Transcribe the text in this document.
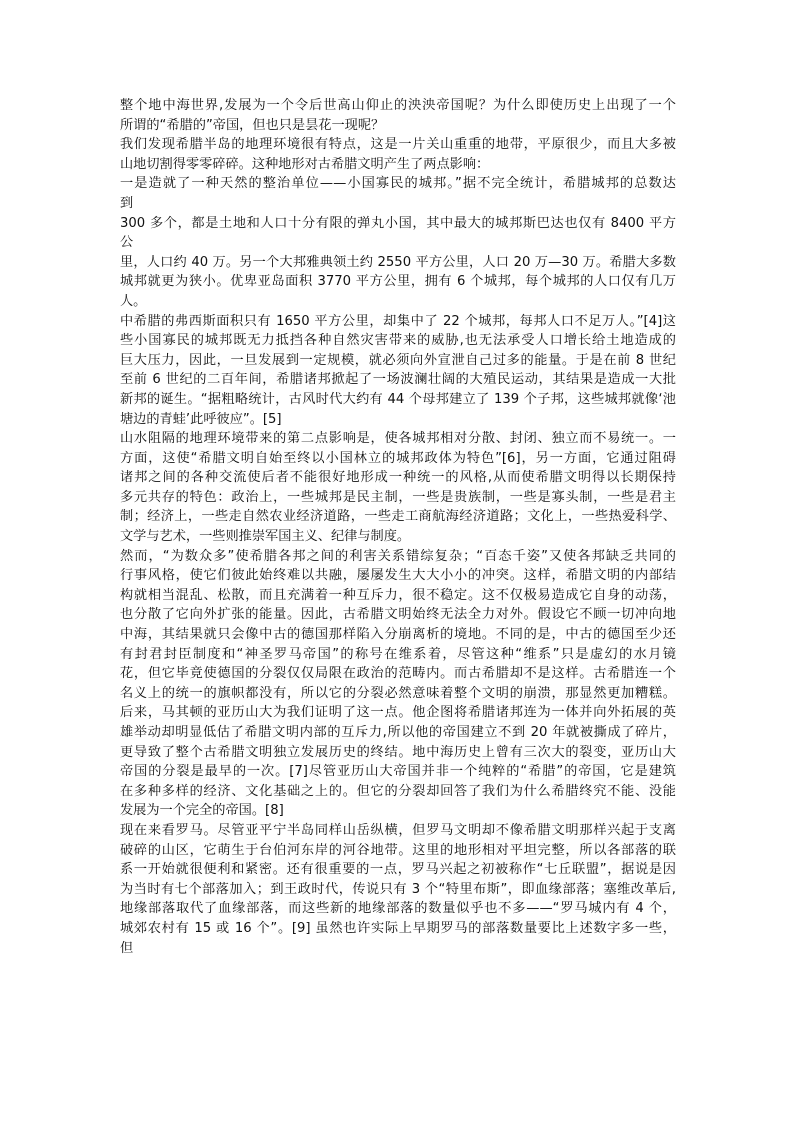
整个地中海世界,发展为一个令后世高山仰止的泱泱帝国呢？为什么即使历史上出现了一个
所谓的“希腊的”帝国，但也只是昙花一现呢？
我们发现希腊半岛的地理环境很有特点，这是一片关山重重的地带，平原很少，而且大多被
山地切割得零零碎碎。这种地形对古希腊文明产生了两点影响：
一是造就了一种天然的整治单位——小国寡民的城邦。”据不完全统计，希腊城邦的总数达
到
300 多个，都是土地和人口十分有限的弹丸小国，其中最大的城邦斯巴达也仅有 8400 平方
公
里，人口约 40 万。另一个大邦雅典领土约 2550 平方公里，人口 20 万—30 万。希腊大多数
城邦就更为狭小。优卑亚岛面积 3770 平方公里，拥有 6 个城邦，每个城邦的人口仅有几万
人。
中希腊的弗西斯面积只有 1650 平方公里，却集中了 22 个城邦，每邦人口不足万人。”[4]这
些小国寡民的城邦既无力抵挡各种自然灾害带来的威胁,也无法承受人口增长给土地造成的
巨大压力，因此，一旦发展到一定规模，就必须向外宣泄自己过多的能量。于是在前 8 世纪
至前 6 世纪的二百年间，希腊诸邦掀起了一场波澜壮阔的大殖民运动，其结果是造成一大批
新邦的诞生。“据粗略统计，古风时代大约有 44 个母邦建立了 139 个子邦，这些城邦就像‘池
塘边的青蛙’此呼彼应”。[5]
山水阻隔的地理环境带来的第二点影响是，使各城邦相对分散、封闭、独立而不易统一。一
方面，这使“希腊文明自始至终以小国林立的城邦政体为特色”[6]，另一方面，它通过阻碍
诸邦之间的各种交流使后者不能很好地形成一种统一的风格,从而使希腊文明得以长期保持
多元共存的特色：政治上，一些城邦是民主制，一些是贵族制，一些是寡头制，一些是君主
制；经济上，一些走自然农业经济道路，一些走工商航海经济道路；文化上，一些热爱科学、
文学与艺术，一些则推崇军国主义、纪律与制度。
然而，“为数众多”使希腊各邦之间的利害关系错综复杂；“百态千姿”又使各邦缺乏共同的
行事风格，使它们彼此始终难以共融，屡屡发生大大小小的冲突。这样，希腊文明的内部结
构就相当混乱、松散，而且充满着一种互斥力，很不稳定。这不仅极易造成它自身的动荡，
也分散了它向外扩张的能量。因此，古希腊文明始终无法全力对外。假设它不顾一切冲向地
中海，其结果就只会像中古的德国那样陷入分崩离析的境地。不同的是，中古的德国至少还
有封君封臣制度和“神圣罗马帝国”的称号在维系着，尽管这种“维系”只是虚幻的水月镜
花，但它毕竟使德国的分裂仅仅局限在政治的范畴内。而古希腊却不是这样。古希腊连一个
名义上的统一的旗帜都没有，所以它的分裂必然意味着整个文明的崩溃，那显然更加糟糕。
后来，马其顿的亚历山大为我们证明了这一点。他企图将希腊诸邦连为一体并向外拓展的英
雄举动却明显低估了希腊文明内部的互斥力,所以他的帝国建立不到 20 年就被撕成了碎片，
更导致了整个古希腊文明独立发展历史的终结。地中海历史上曾有三次大的裂变，亚历山大
帝国的分裂是最早的一次。[7]尽管亚历山大帝国并非一个纯粹的“希腊”的帝国，它是建筑
在多种多样的经济、文化基础之上的。但它的分裂却回答了我们为什么希腊终究不能、没能
发展为一个完全的帝国。[8]
现在来看罗马。尽管亚平宁半岛同样山岳纵横，但罗马文明却不像希腊文明那样兴起于支离
破碎的山区，它萌生于台伯河东岸的河谷地带。这里的地形相对平坦完整，所以各部落的联
系一开始就很便利和紧密。还有很重要的一点，罗马兴起之初被称作“七丘联盟”，据说是因
为当时有七个部落加入；到王政时代，传说只有 3 个“特里布斯”，即血缘部落；塞维改革后,
地缘部落取代了血缘部落，而这些新的地缘部落的数量似乎也不多——“罗马城内有 4 个，
城郊农村有 15 或 16 个”。[9] 虽然也许实际上早期罗马的部落数量要比上述数字多一些，
但
